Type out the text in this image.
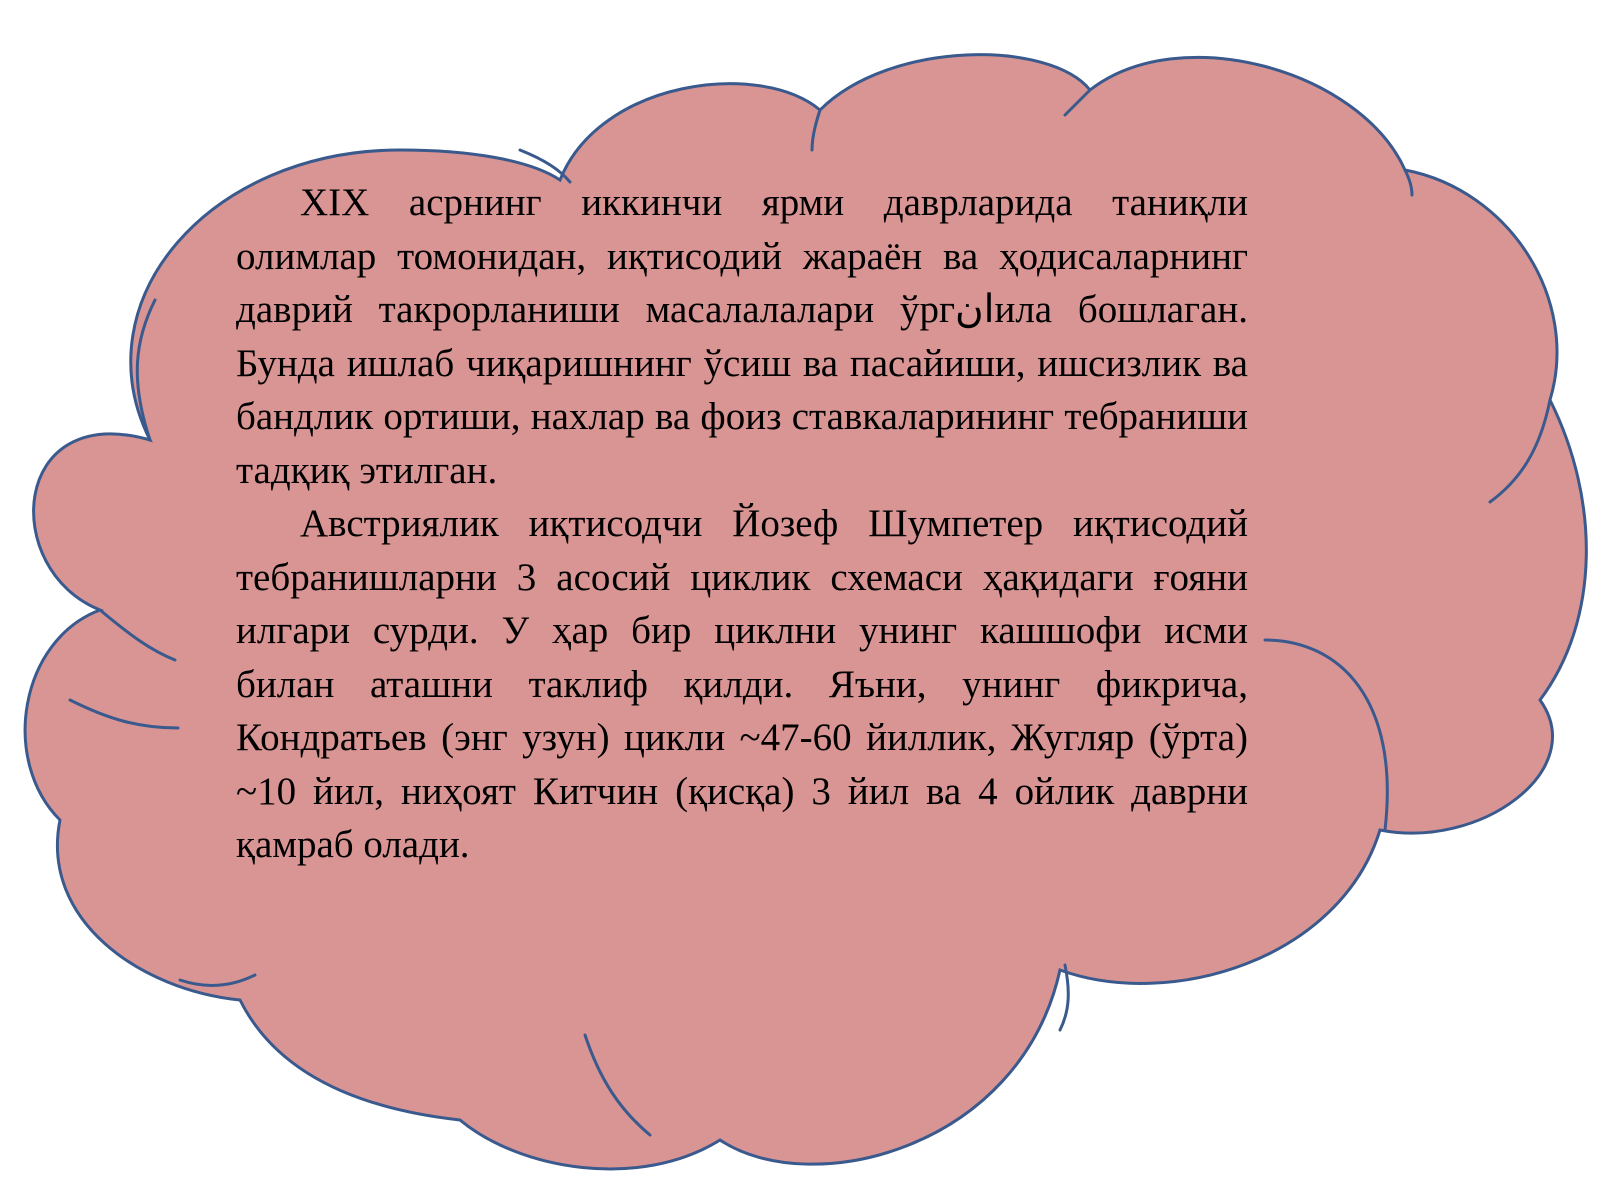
XIX асрнинг иккинчи ярми даврларида таниқли олимлар томонидан, иқтисодий жараён ва ҳодисаларнинг даврий такрорланиши масалалалари ўргانила бошлаган. Бунда ишлаб чиқаришнинг ўсиш ва пасайиши, ишсизлик ва бандлик ортиши, нахлар ва фоиз ставкаларининг тебраниши тадқиқ этилган.

Австриялик иқтисодчи Йозеф Шумпетер иқтисодий тебранишларни 3 асосий циклик схемаси ҳақидаги ғояни илгари сурди. У ҳар бир циклни унинг кашшофи исми билан аташни таклиф қилди. Яъни, унинг фикрича, Кондратьев (энг узун) цикли ~47-60 йиллик, Жугляр (ўрта) ~10 йил, ниҳоят Китчин (қисқа) 3 йил ва 4 ойлик даврни қамраб олади.
